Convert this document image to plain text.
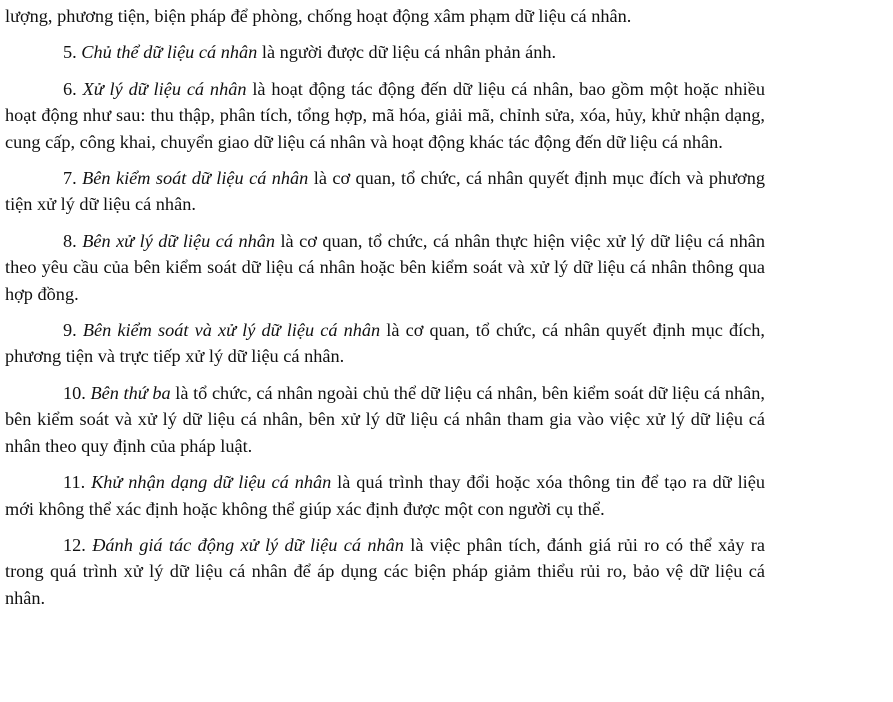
lượng, phương tiện, biện pháp để phòng, chống hoạt động xâm phạm dữ liệu cá nhân.

5. Chủ thể dữ liệu cá nhân là người được dữ liệu cá nhân phản ánh.

6. Xử lý dữ liệu cá nhân là hoạt động tác động đến dữ liệu cá nhân, bao gồm một hoặc nhiều hoạt động như sau: thu thập, phân tích, tổng hợp, mã hóa, giải mã, chỉnh sửa, xóa, hủy, khử nhận dạng, cung cấp, công khai, chuyển giao dữ liệu cá nhân và hoạt động khác tác động đến dữ liệu cá nhân.

7. Bên kiểm soát dữ liệu cá nhân là cơ quan, tổ chức, cá nhân quyết định mục đích và phương tiện xử lý dữ liệu cá nhân.

8. Bên xử lý dữ liệu cá nhân là cơ quan, tổ chức, cá nhân thực hiện việc xử lý dữ liệu cá nhân theo yêu cầu của bên kiểm soát dữ liệu cá nhân hoặc bên kiểm soát và xử lý dữ liệu cá nhân thông qua hợp đồng.

9. Bên kiểm soát và xử lý dữ liệu cá nhân là cơ quan, tổ chức, cá nhân quyết định mục đích, phương tiện và trực tiếp xử lý dữ liệu cá nhân.

10. Bên thứ ba là tổ chức, cá nhân ngoài chủ thể dữ liệu cá nhân, bên kiểm soát dữ liệu cá nhân, bên kiểm soát và xử lý dữ liệu cá nhân, bên xử lý dữ liệu cá nhân tham gia vào việc xử lý dữ liệu cá nhân theo quy định của pháp luật.

11. Khử nhận dạng dữ liệu cá nhân là quá trình thay đổi hoặc xóa thông tin để tạo ra dữ liệu mới không thể xác định hoặc không thể giúp xác định được một con người cụ thể.

12. Đánh giá tác động xử lý dữ liệu cá nhân là việc phân tích, đánh giá rủi ro có thể xảy ra trong quá trình xử lý dữ liệu cá nhân để áp dụng các biện pháp giảm thiểu rủi ro, bảo vệ dữ liệu cá nhân.
